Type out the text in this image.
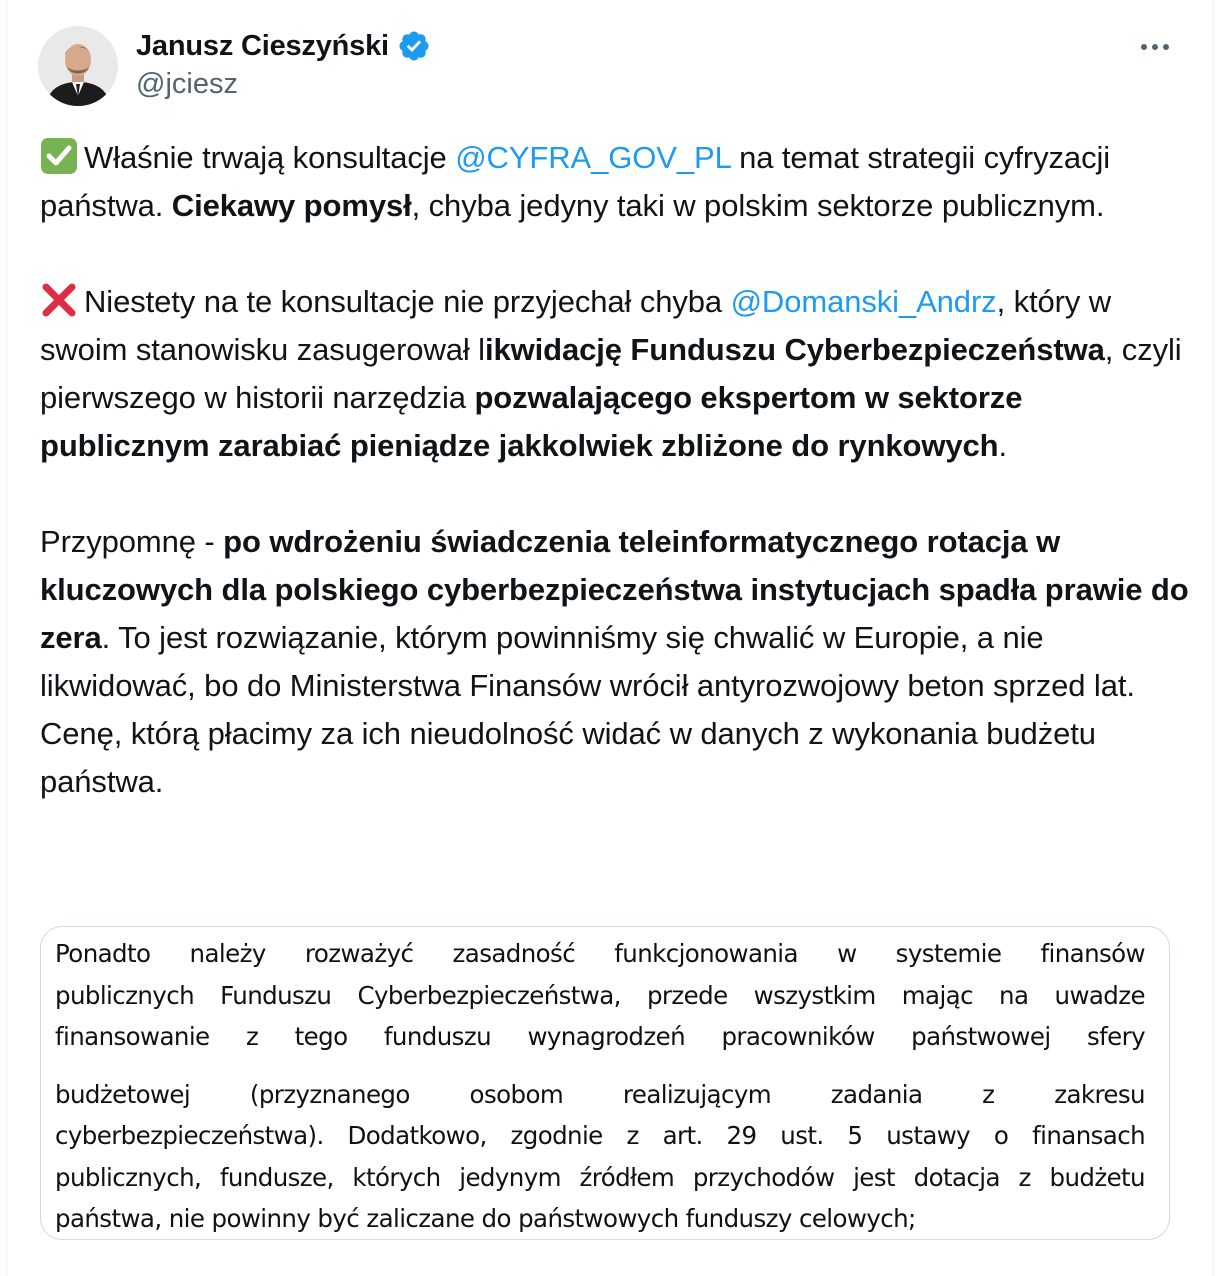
Janusz Cieszyński
@jciesz

Właśnie trwają konsultacje @CYFRA_GOV_PL na temat strategii cyfryzacji państwa. Ciekawy pomysł, chyba jedyny taki w polskim sektorze publicznym.

Niestety na te konsultacje nie przyjechał chyba @Domanski_Andrz, który w swoim stanowisku zasugerował likwidację Funduszu Cyberbezpieczeństwa, czyli pierwszego w historii narzędzia pozwalającego ekspertom w sektorze publicznym zarabiać pieniądze jakkolwiek zbliżone do rynkowych.

Przypomnę - po wdrożeniu świadczenia teleinformatycznego rotacja w kluczowych dla polskiego cyberbezpieczeństwa instytucjach spadła prawie do zera. To jest rozwiązanie, którym powinniśmy się chwalić w Europie, a nie likwidować, bo do Ministerstwa Finansów wrócił antyrozwojowy beton sprzed lat. Cenę, którą płacimy za ich nieudolność widać w danych z wykonania budżetu państwa.

Ponadto należy rozważyć zasadność funkcjonowania w systemie finansów

publicznych Funduszu Cyberbezpieczeństwa, przede wszystkim mając na uwadze

finansowanie z tego funduszu wynagrodzeń pracowników państwowej sfery

budżetowej (przyznanego osobom realizującym zadania z zakresu

cyberbezpieczeństwa). Dodatkowo, zgodnie z art. 29 ust. 5 ustawy o finansach

publicznych, fundusze, których jedynym źródłem przychodów jest dotacja z budżetu

państwa, nie powinny być zaliczane do państwowych funduszy celowych;
